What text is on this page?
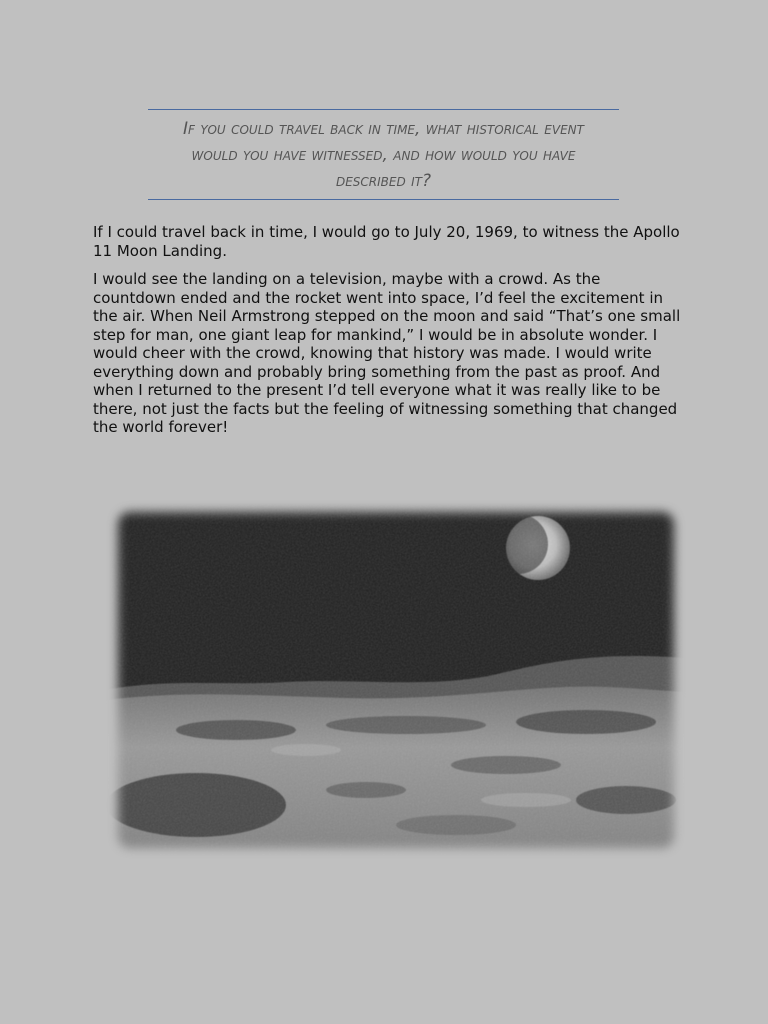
If you could travel back in time, what historical event would you have witnessed, and how would you have described it?

If I could travel back in time, I would go to July 20, 1969, to witness the Apollo 11 Moon Landing.

I would see the landing on a television, maybe with a crowd. As the countdown ended and the rocket went into space, I’d feel the excitement in the air. When Neil Armstrong stepped on the moon and said “That’s one small step for man, one giant leap for mankind,” I would be in absolute wonder. I would cheer with the crowd, knowing that history was made. I would write everything down and probably bring something from the past as proof. And when I returned to the present I’d tell everyone what it was really like to be there, not just the facts but the feeling of witnessing something that changed the world forever!
